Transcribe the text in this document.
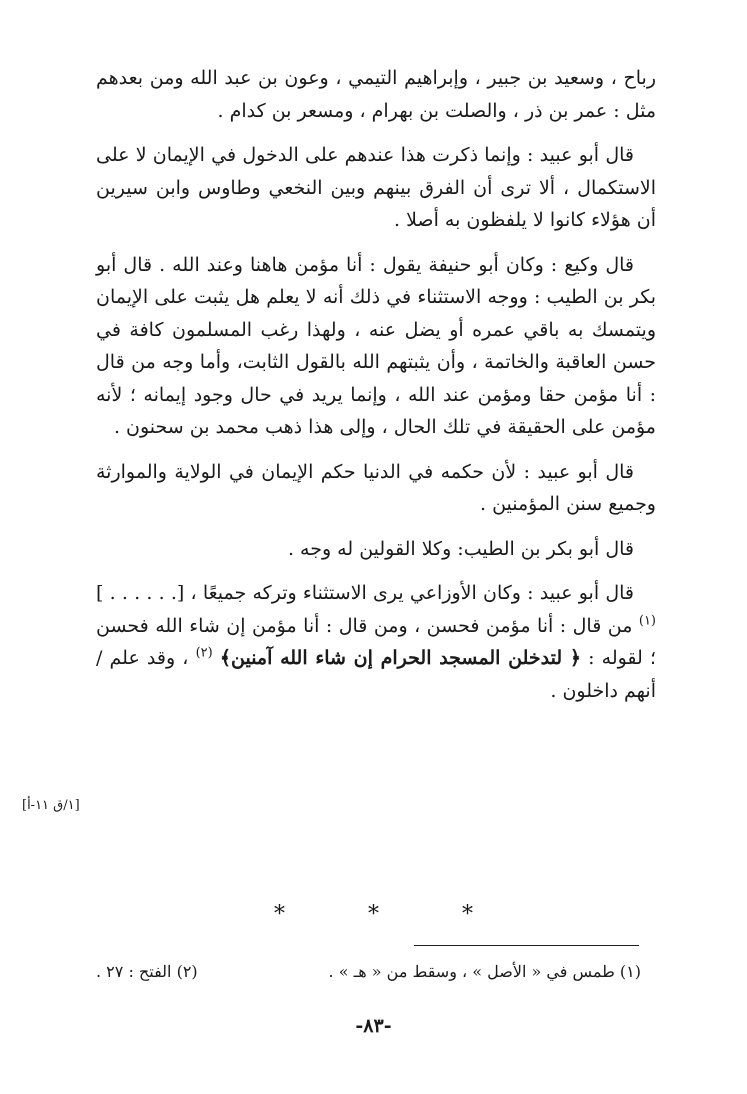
رباح ، وسعيد بن جبير ، وإبراهيم التيمي ، وعون بن عبد الله ومن بعدهم مثل : عمر بن ذر ، والصلت بن بهرام ، ومسعر بن كدام .

قال أبو عبيد : وإنما ذكرت هذا عندهم على الدخول في الإيمان لا على الاستكمال ، ألا ترى أن الفرق بينهم وبين النخعي وطاوس وابن سيرين أن هؤلاء كانوا لا يلفظون به أصلا .

قال وكيع : وكان أبو حنيفة يقول : أنا مؤمن هاهنا وعند الله . قال أبو بكر بن الطيب : ووجه الاستثناء في ذلك أنه لا يعلم هل يثبت على الإيمان ويتمسك به باقي عمره أو يضل عنه ، ولهذا رغب المسلمون كافة في حسن العاقبة والخاتمة ، وأن يثبتهم الله بالقول الثابت، وأما وجه من قال : أنا مؤمن حقا ومؤمن عند الله ، وإنما يريد في حال وجود إيمانه ؛ لأنه مؤمن على الحقيقة في تلك الحال ، وإلى هذا ذهب محمد بن سحنون .

قال أبو عبيد : لأن حكمه في الدنيا حكم الإيمان في الولاية والموارثة وجميع سنن المؤمنين .

قال أبو بكر بن الطيب: وكلا القولين له وجه .

قال أبو عبيد : وكان الأوزاعي يرى الاستثناء وتركه جميعًا ، [. . . . . . ] $^{(١)}$ من قال : أنا مؤمن فحسن ، ومن قال : أنا مؤمن إن شاء الله فحسن ؛ لقوله : ﴿ لتدخلن المسجد الحرام إن شاء الله آمنين﴾ $^{(٢)}$ ، وقد علم / أنهم داخلون .

[١/ق ١١-أ]
* * *
(١) طمس في « الأصل » ، وسقط من « هـ » .
(٢) الفتح : ٢٧ .
-٨٣-
